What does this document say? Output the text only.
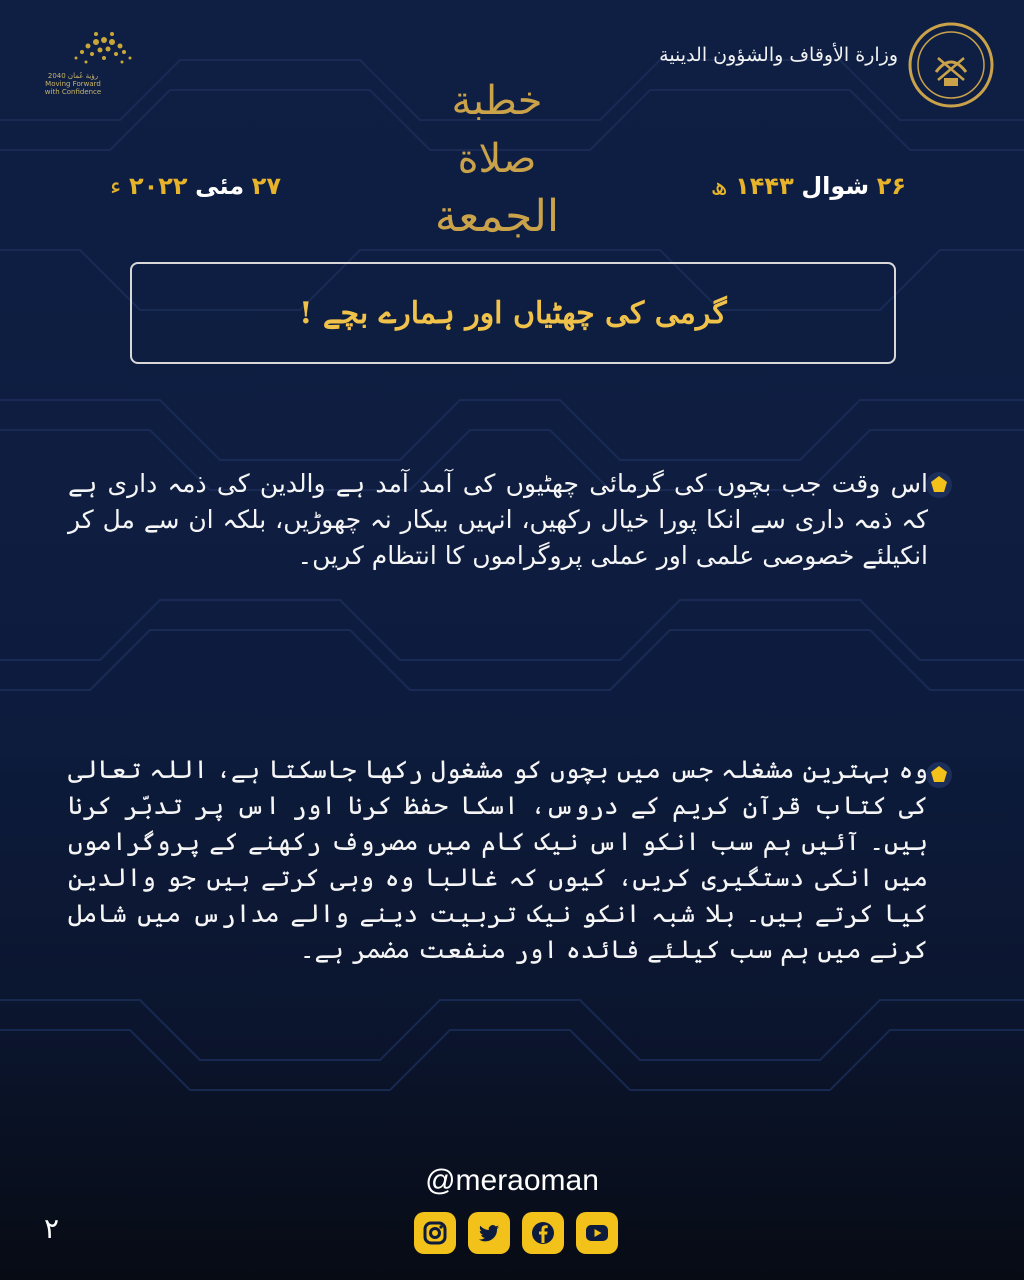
رؤية عُمان 2040
Moving Forward
with Confidence
وزارة الأوقاف والشؤون الدينية
خطبة صلاة
الجمعة
۲۶ شوال ۱۴۴۳ ھ
۲۷ مئی ۲۰۲۲ ء
گرمی کی چھٹیاں اور ہمارے بچے !
اس وقت جب بچوں کی گرمائی چھٹیوں کی آمد آمد ہے والدین کی ذمہ داری ہے کہ ذمہ داری سے انکا پورا خیال رکھیں، انہیں بیکار نہ چھوڑیں، بلکہ ان سے مل کر انکیلئے خصوصی علمی اور عملی پروگراموں کا انتظام کریں۔
وہ بہترین مشغلہ جس میں بچوں کو مشغول رکھا جاسکتا ہے، اللہ تعالی کی کتاب قرآن کریم کے دروس، اسکا حفظ کرنا اور اس پر تدبّر کرنا ہیں۔ آئیں ہم سب انکو اس نیک کام میں مصروف رکھنے کے پروگراموں میں انکی دستگیری کریں، کیوں کہ غالبا وہ وہی کرتے ہیں جو والدین کیا کرتے ہیں۔ بلا شبہ انکو نیک تربیت دینے والے مدارس میں شامل کرنے میں ہم سب کیلئے فائدہ اور منفعت مضمر ہے۔
@meraoman
۲
